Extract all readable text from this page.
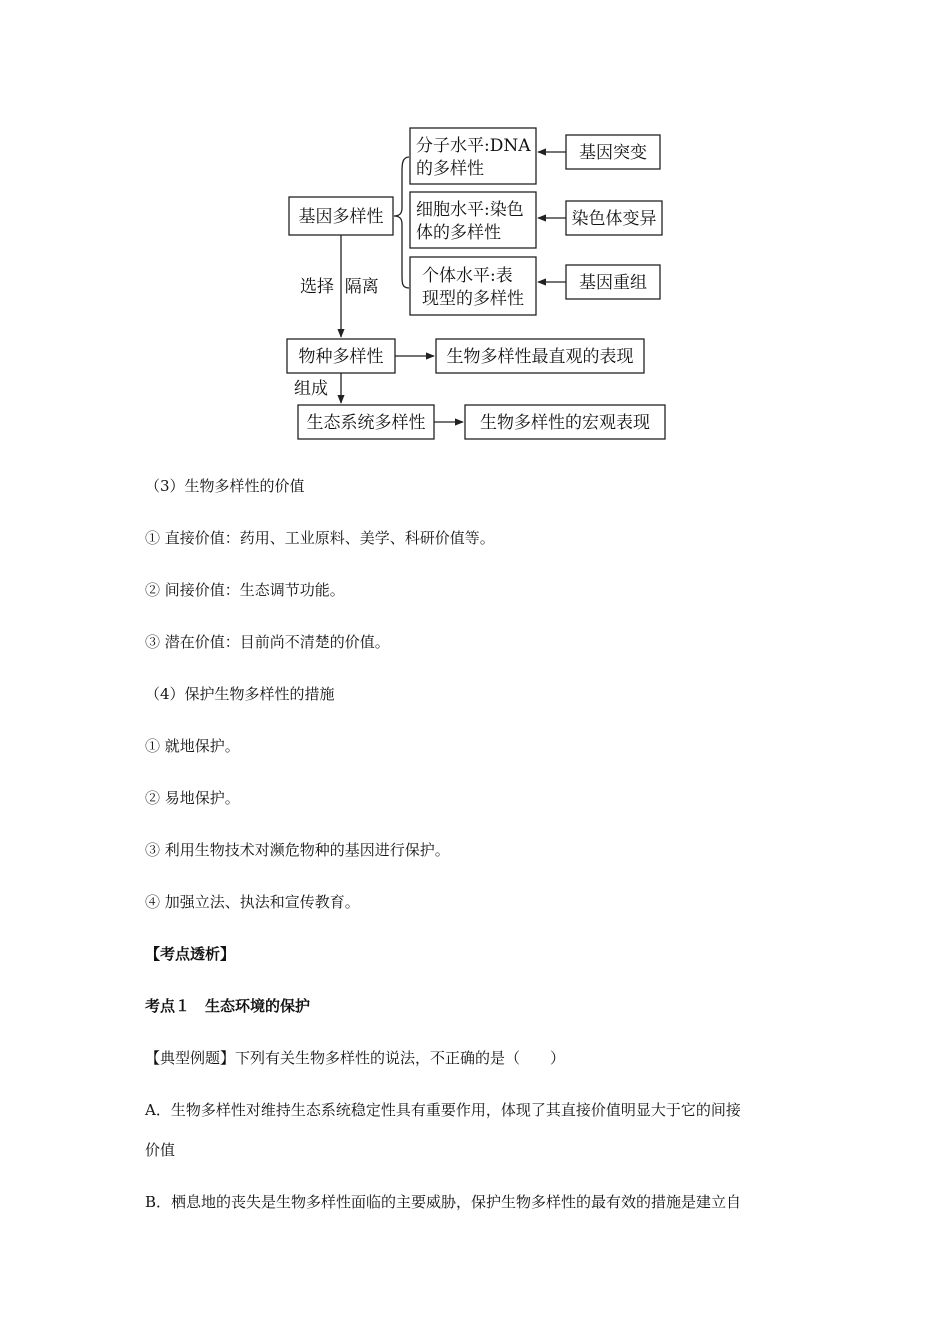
基因多样性
分子水平:DNA
的多样性
细胞水平:染色
体的多样性
个体水平:表
现型的多样性
基因突变
染色体变异
基因重组
物种多样性	生物多样性最直观的表现
生态系统多样性	生物多样性的宏观表现
选择  隔离
组成
（3）生物多样性的价值
① 直接价值：药用、工业原料、美学、科研价值等。
② 间接价值：生态调节功能。
③ 潜在价值：目前尚不清楚的价值。
（4）保护生物多样性的措施
① 就地保护。
② 易地保护。
③ 利用生物技术对濒危物种的基因进行保护。
④ 加强立法、执法和宣传教育。
【考点透析】
考点１　生态环境的保护
【典型例题】下列有关生物多样性的说法，不正确的是（　　）
A．生物多样性对维持生态系统稳定性具有重要作用，体现了其直接价值明显大于它的间接
价值
B．栖息地的丧失是生物多样性面临的主要威胁，保护生物多样性的最有效的措施是建立自
